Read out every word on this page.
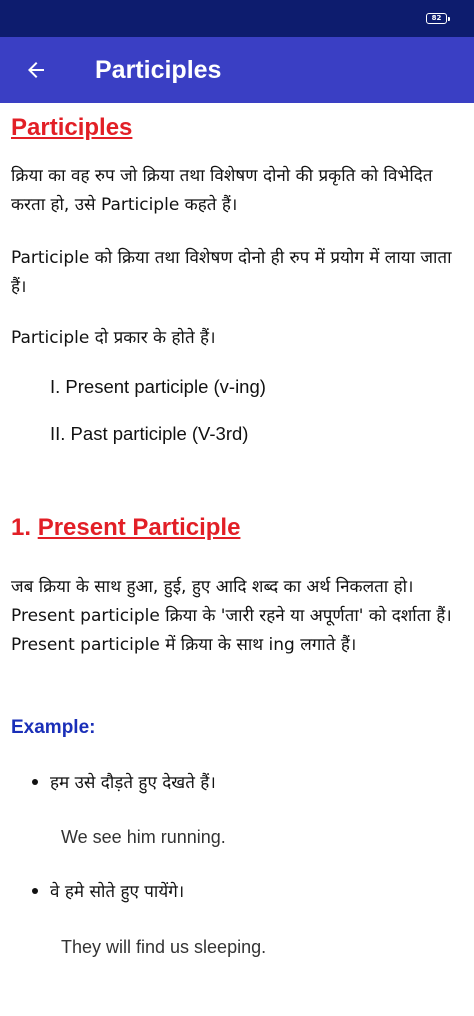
82
Participles
Participles
क्रिया का वह रुप जो क्रिया तथा विशेषण दोनो की प्रकृति को विभेदित करता हो, उसे Participle कहते हैं।
Participle को क्रिया तथा विशेषण दोनो ही रुप में प्रयोग में लाया जाता हैं।
Participle दो प्रकार के होते हैं।
I. Present participle (v-ing)
II. Past participle (V-3rd)
1. Present Participle
जब क्रिया के साथ हुआ, हुई, हुए आदि शब्द का अर्थ निकलता हो। Present participle क्रिया के 'जारी रहने या अपूर्णता' को दर्शाता हैं। Present participle में क्रिया के साथ ing लगाते हैं।
Example:
हम उसे दौड़ते हुए देखते हैं।
We see him running.
वे हमे सोते हुए पायेंगे।
They will find us sleeping.
